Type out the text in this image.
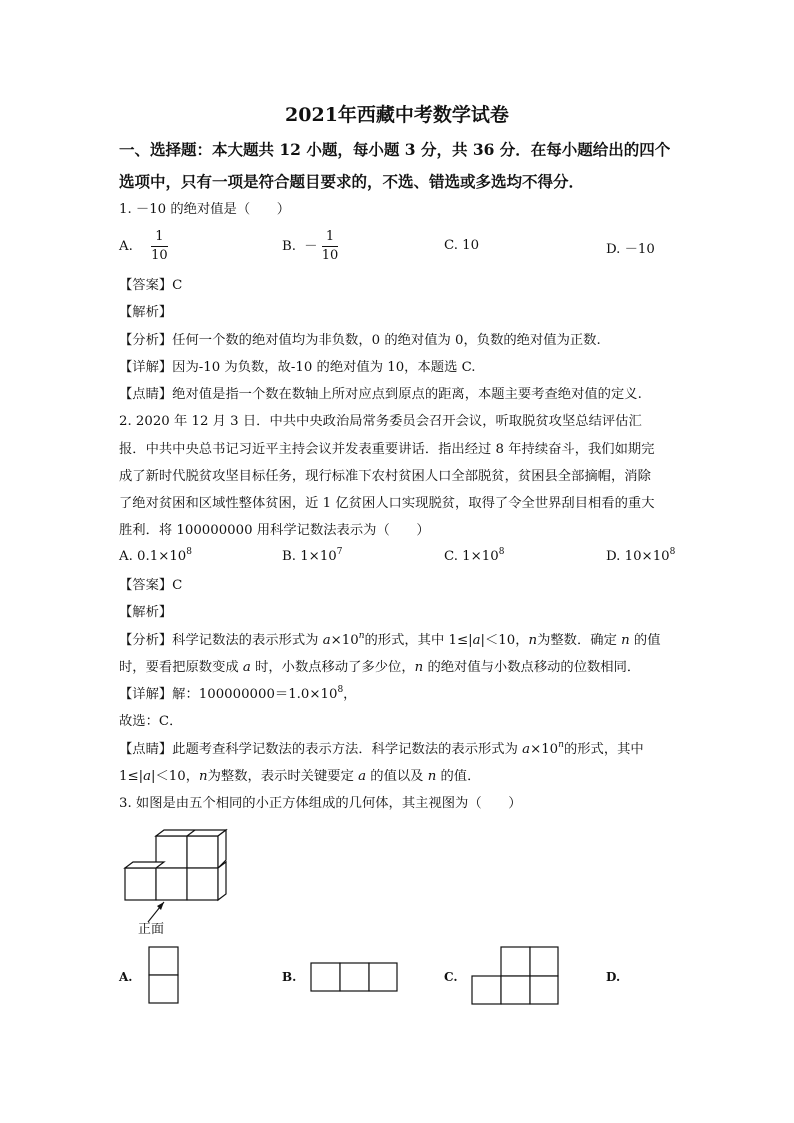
2021年西藏中考数学试卷
一、选择题：本大题共 12 小题，每小题 3 分，共 36 分．在每小题给出的四个
选项中，只有一项是符合题目要求的，不选、错选或多选均不得分．
1. －10 的绝对值是（　　）
A. $\frac{1}{10}$	B. － $\frac{1}{10}$	C. 10	D. －10
【答案】C
【解析】
【分析】任何一个数的绝对值均为非负数，0 的绝对值为 0，负数的绝对值为正数.
【详解】因为-10 为负数，故-10 的绝对值为 10，本题选 C.
【点睛】绝对值是指一个数在数轴上所对应点到原点的距离，本题主要考查绝对值的定义.
2. 2020 年 12 月 3 日．中共中央政治局常务委员会召开会议，听取脱贫攻坚总结评估汇
报．中共中央总书记习近平主持会议并发表重要讲话．指出经过 8 年持续奋斗，我们如期完
成了新时代脱贫攻坚目标任务，现行标准下农村贫困人口全部脱贫，贫困县全部摘帽，消除
了绝对贫困和区域性整体贫困，近 1 亿贫困人口实现脱贫，取得了令全世界刮目相看的重大
胜利．将 100000000 用科学记数法表示为（　　）
A. $0.1\times 10^8$	B. $1\times 10^7$	C. $1\times 10^8$	D. $10\times 10^8$
【答案】C
【解析】
【分析】科学记数法的表示形式为 $a\times 10^n$的形式，其中 1≤|a|＜10，n为整数．确定 n 的值
时，要看把原数变成 a 时，小数点移动了多少位，n 的绝对值与小数点移动的位数相同．
【详解】解：$100000000=1.0\times 10^8$，
故选：C．
【点睛】此题考查科学记数法的表示方法．科学记数法的表示形式为 $a\times 10^n$的形式，其中
1≤|a|＜10，n为整数，表示时关键要定 a 的值以及 n 的值．
3. 如图是由五个相同的小正方体组成的几何体，其主视图为（　　）
正面
A.	B.	C.	D.
